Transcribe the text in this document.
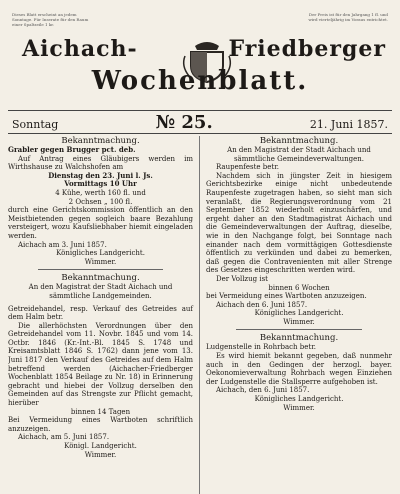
Dieses Blatt erscheint an jedem Sonntage. Für Inserate für den Raum einer Spaltzeile 1 kr.
Der Preis ist für den Jahrgang 1 fl. und wird vierteljährig im Voraus entrichtet.
Aichach-	Friedberger
Wochenblatt.
Sonntag	№ 25.	21. Juni 1857.

Bekanntmachung.

Grabler gegen Brugger pct. deb.

Auf Antrag eines Gläubigers werden im Wirthshause zu Walchshofen am

Dienstag den 23. Juni l. Js.

Vormittags 10 Uhr

4 Kühe, werth 160 fl. und

2 Ochsen „ 100 fl.

durch eine Gerichtskommission öffentlich an den Meistbietenden gegen sogleich baare Bezahlung versteigert, wozu Kaufsliebhaber hiemit eingeladen werden.

Aichach am 3. Juni 1857.

Königliches Landgericht.

Wimmer.

Bekanntmachung.

An den Magistrat der Stadt Aichach und sämmtliche Landgemeinden.

Getreidehandel, resp. Verkauf des Getreides auf dem Halm betr.

Die allerhöchsten Verordnungen über den Getreidehandel vom 11. Novbr. 1845 und vom 14. Octbr. 1846 (Kr.-Int.-Bl. 1845 S. 1748 und Kreisamtsblatt 1846 S. 1762) dann jene vom 13. Juni 1817 den Verkauf des Getreides auf dem Halm betreffend werden (Aichacher-Friedberger Wochenblatt 1854 Beilage zu Nr. 18) in Erinnerung gebracht und hiebei der Vollzug derselben den Gemeinden auf das Strengste zur Pflicht gemacht, hierüber

binnen 14 Tagen

Bei Vermeidung eines Wartboten schriftlich anzuzeigen.

Aichach, am 5. Juni 1857.

Königl. Landgericht.

Wimmer.

Bekanntmachung.

An den Magistrat der Stadt Aichach und sämmtliche Gemeindeverwaltungen.

Raupenfeste betr.

Nachdem sich in jüngster Zeit in hiesigem Gerichtsbezirke einige nicht unbedeutende Raupenfeste zugetragen haben, so sieht man sich veranlaßt, die Regierungsverordnung vom 21 September 1852 wiederholt einzuschärfen, und ergeht daher an den Stadtmagistrat Aichach und die Gemeindeverwaltungen der Auftrag, dieselbe, wie in den Nachgange folgt, bei Sonntage nach einander nach dem vormittägigen Gottesdienste öffentlich zu verkünden und dabei zu bemerken, daß gegen die Contravenienten mit aller Strenge des Gesetzes eingeschritten werden wird.

Der Vollzug ist

binnen 6 Wochen

bei Vermeidung eines Wartboten anzuzeigen.

Aichach den 6. Juni 1857.

Königliches Landgericht.

Wimmer.

Bekanntmachung.

Ludgenstelle in Rohrbach betr.

Es wird hiemit bekannt gegeben, daß nunmehr auch in den Gedingen der herzogl. bayer. Oekonomieverwaltung Rohrbach wegen Einziehen der Ludgenstelle die Stallsperre aufgehoben ist.

Aichach, den 6. Juni 1857.

Königliches Landgericht.

Wimmer.
